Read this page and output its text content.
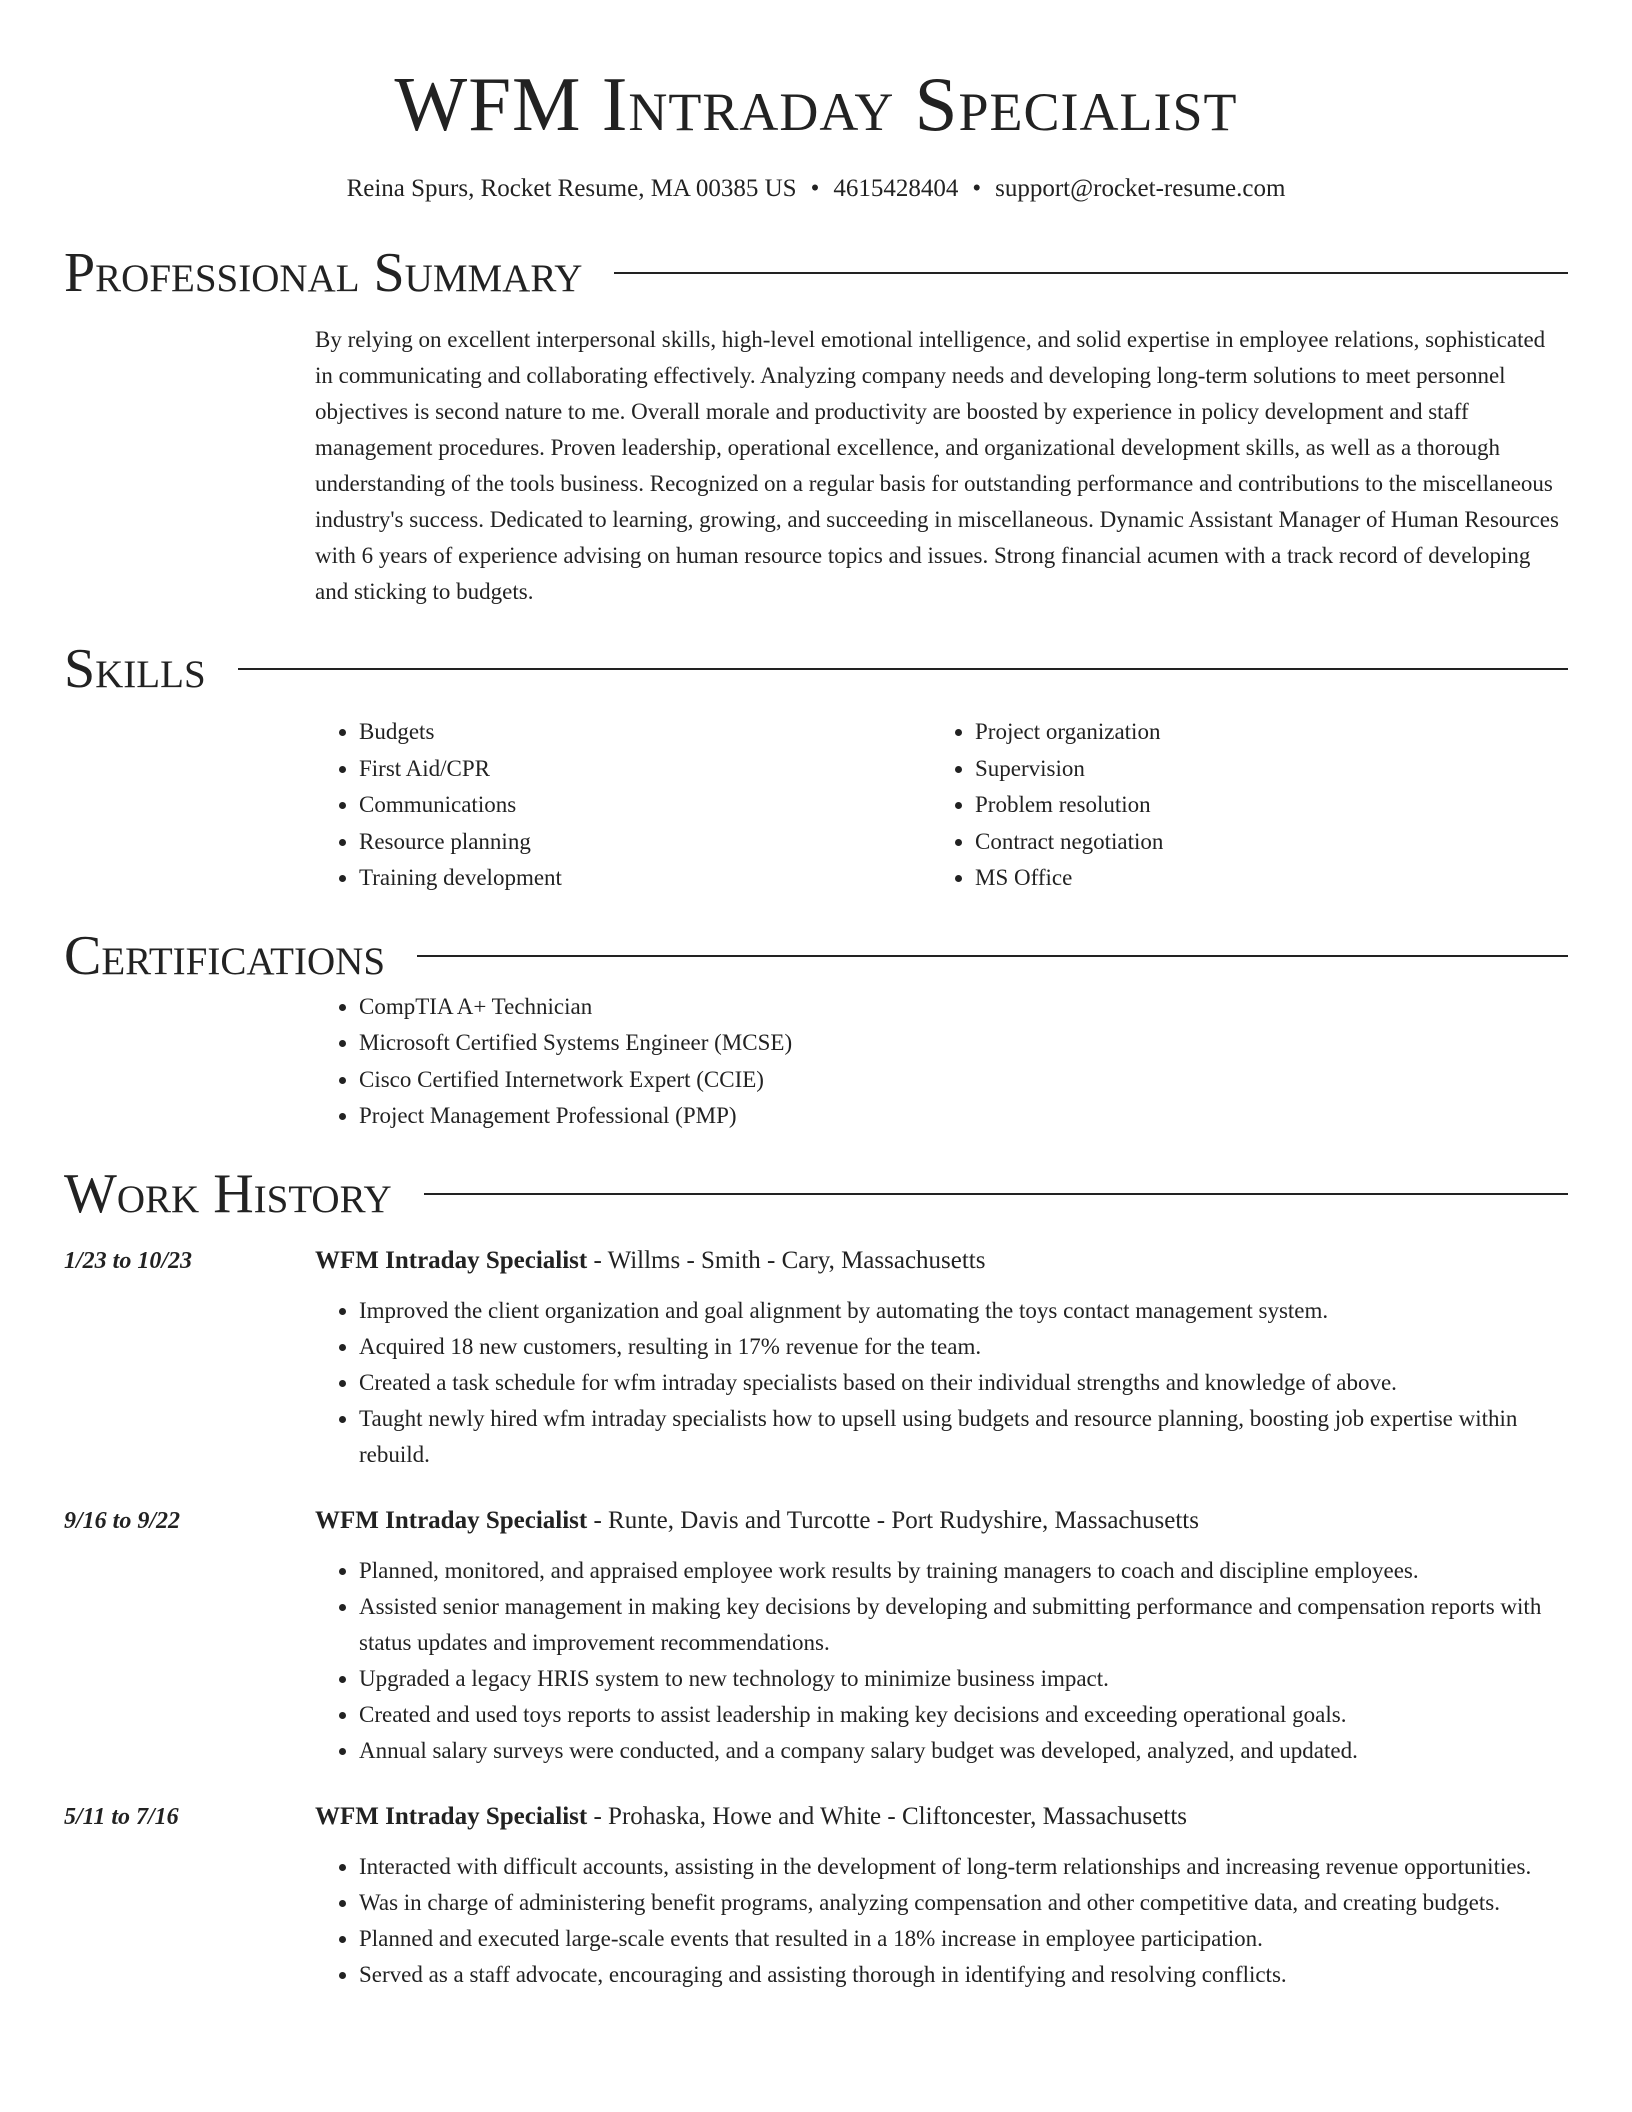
WFM Intraday Specialist
Reina Spurs, Rocket Resume, MA 00385 US • 4615428404 • support@rocket-resume.com
Professional Summary

By relying on excellent interpersonal skills, high-level emotional intelligence, and solid expertise in employee relations, sophisticated in communicating and collaborating effectively. Analyzing company needs and developing long-term solutions to meet personnel objectives is second nature to me. Overall morale and productivity are boosted by experience in policy development and staff management procedures. Proven leadership, operational excellence, and organizational development skills, as well as a thorough understanding of the tools business. Recognized on a regular basis for outstanding performance and contributions to the miscellaneous industry's success. Dedicated to learning, growing, and succeeding in miscellaneous. Dynamic Assistant Manager of Human Resources with 6 years of experience advising on human resource topics and issues. Strong financial acumen with a track record of developing and sticking to budgets.

Skills
• Budgets
• First Aid/CPR
• Communications
• Resource planning
• Training development
• Project organization
• Supervision
• Problem resolution
• Contract negotiation
• MS Office
Certifications
• CompTIA A+ Technician
• Microsoft Certified Systems Engineer (MCSE)
• Cisco Certified Internetwork Expert (CCIE)
• Project Management Professional (PMP)
Work History
1/23 to 10/23	WFM Intraday Specialist - Willms - Smith - Cary, Massachusetts
• Improved the client organization and goal alignment by automating the toys contact management system.
• Acquired 18 new customers, resulting in 17% revenue for the team.
• Created a task schedule for wfm intraday specialists based on their individual strengths and knowledge of above.
• Taught newly hired wfm intraday specialists how to upsell using budgets and resource planning, boosting job expertise within rebuild.
9/16 to 9/22	WFM Intraday Specialist - Runte, Davis and Turcotte - Port Rudyshire, Massachusetts
• Planned, monitored, and appraised employee work results by training managers to coach and discipline employees.
• Assisted senior management in making key decisions by developing and submitting performance and compensation reports with status updates and improvement recommendations.
• Upgraded a legacy HRIS system to new technology to minimize business impact.
• Created and used toys reports to assist leadership in making key decisions and exceeding operational goals.
• Annual salary surveys were conducted, and a company salary budget was developed, analyzed, and updated.
5/11 to 7/16	WFM Intraday Specialist - Prohaska, Howe and White - Cliftoncester, Massachusetts
• Interacted with difficult accounts, assisting in the development of long-term relationships and increasing revenue opportunities.
• Was in charge of administering benefit programs, analyzing compensation and other competitive data, and creating budgets.
• Planned and executed large-scale events that resulted in a 18% increase in employee participation.
• Served as a staff advocate, encouraging and assisting thorough in identifying and resolving conflicts.
